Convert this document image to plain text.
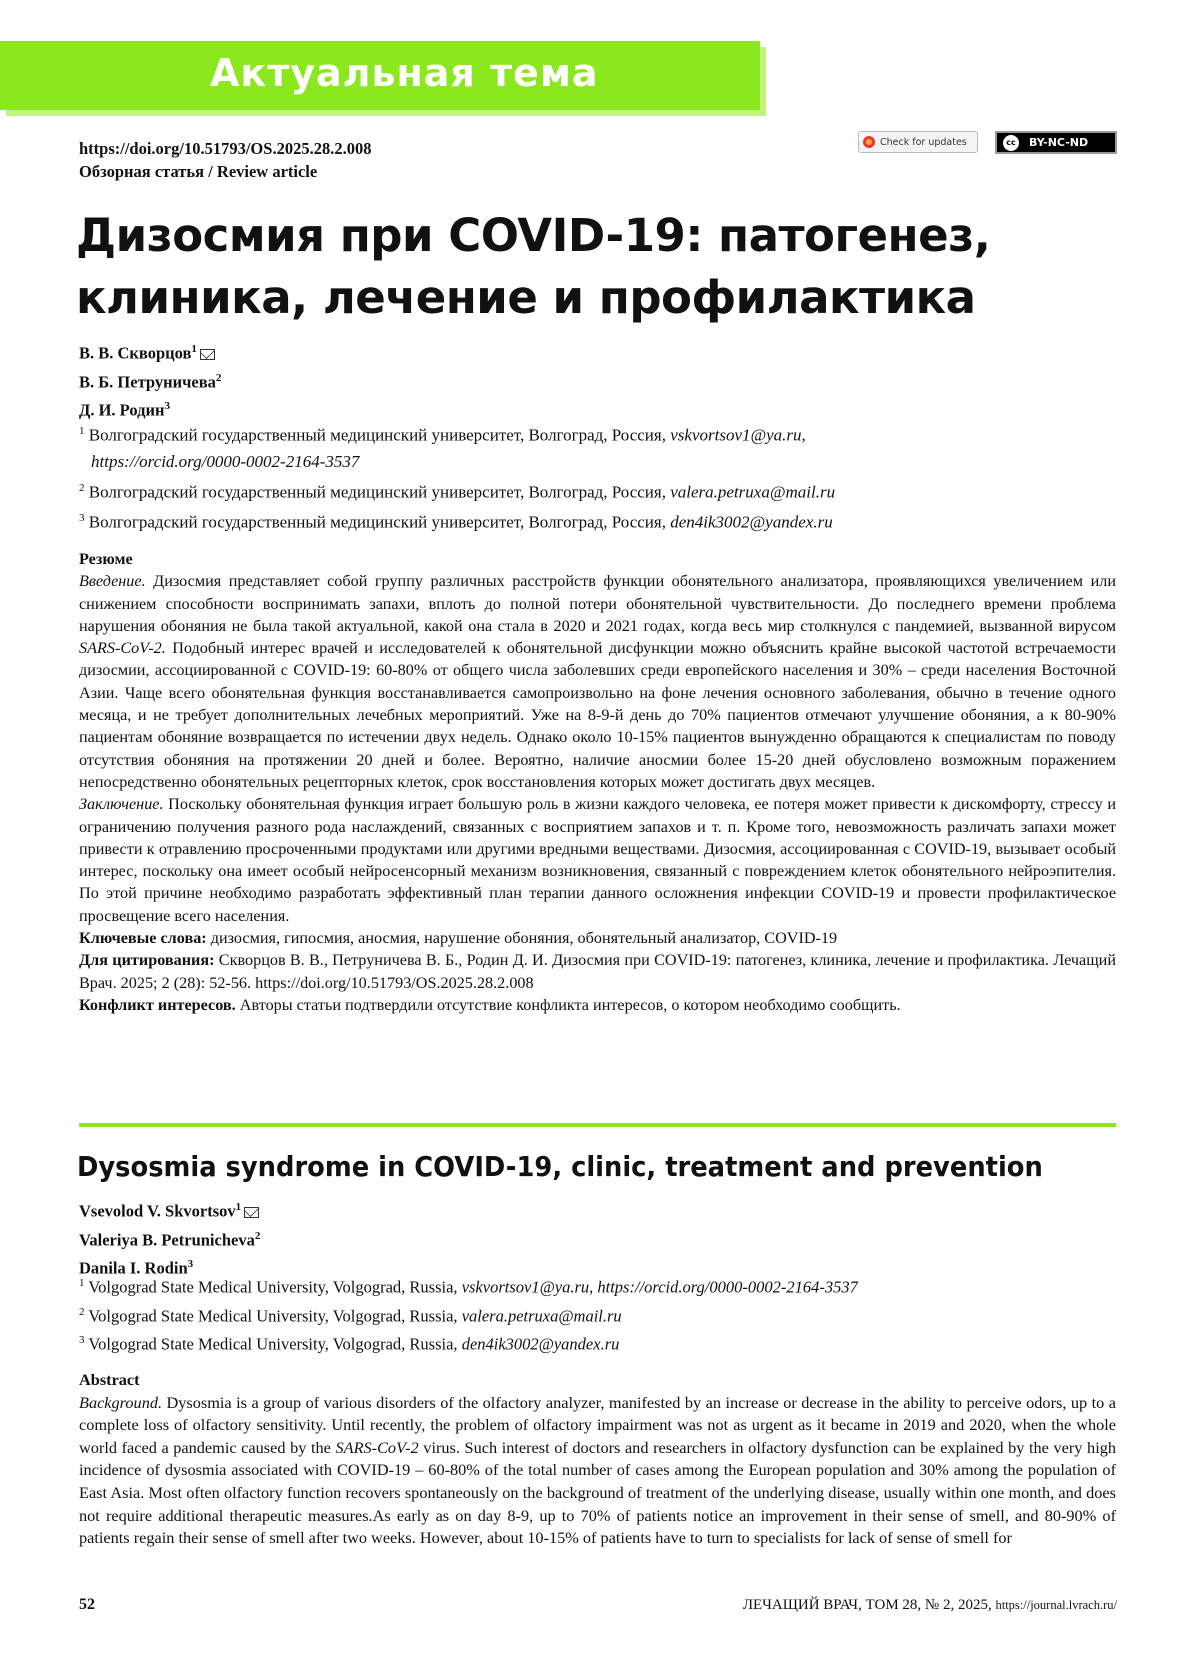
Актуальная тема
https://doi.org/10.51793/OS.2025.28.2.008
Обзорная статья / Review article
Check for updates	cc BY-NC-ND
Дизосмия при COVID-19: патогенез,
клиника, лечение и профилактика
В. В. Скворцов$^1$
В. Б. Петруничева$^2$
Д. И. Родин$^3$
$^1$ Волгоградский государственный медицинский университет, Волгоград, Россия, vskvortsov1@ya.ru,
https://orcid.org/0000-0002-2164-3537
$^2$ Волгоградский государственный медицинский университет, Волгоград, Россия, valera.petruxa@mail.ru
$^3$ Волгоградский государственный медицинский университет, Волгоград, Россия, den4ik3002@yandex.ru
Резюме
Введение. Дизосмия представляет собой группу различных расстройств функции обонятельного анализатора, проявляющихся увеличением или снижением способности воспринимать запахи, вплоть до полной потери обонятельной чувствительности. До последнего времени проблема нарушения обоняния не была такой актуальной, какой она стала в 2020 и 2021 годах, когда весь мир столкнулся с пандемией, вызванной вирусом SARS-CoV-2. Подобный интерес врачей и исследователей к обонятельной дисфункции можно объяснить крайне высокой частотой встречаемости дизосмии, ассоциированной с COVID-19: 60-80% от общего числа заболевших среди европейского населения и 30% – среди населения Восточной Азии. Чаще всего обонятельная функция восстанавливается самопроизвольно на фоне лечения основного заболевания, обычно в течение одного месяца, и не требует дополнительных лечебных мероприятий. Уже на 8-9-й день до 70% пациентов отмечают улучшение обоняния, а к 80-90% пациентам обоняние возвращается по истечении двух недель. Однако около 10-15% пациентов вынужденно обращаются к специалистам по поводу отсутствия обоняния на протяжении 20 дней и более. Вероятно, наличие аносмии более 15-20 дней обусловлено возможным поражением непосредственно обонятельных рецепторных клеток, срок восстановления которых может достигать двух месяцев.
Заключение. Поскольку обонятельная функция играет большую роль в жизни каждого человека, ее потеря может привести к дискомфорту, стрессу и ограничению получения разного рода наслаждений, связанных с восприятием запахов и т. п. Кроме того, невозможность различать запахи может привести к отравлению просроченными продуктами или другими вредными веществами. Дизосмия, ассоциированная с COVID-19, вызывает особый интерес, поскольку она имеет особый нейросенсорный механизм возникновения, связанный с повреждением клеток обонятельного нейроэпителия. По этой причине необходимо разработать эффективный план терапии данного осложнения инфекции COVID-19 и провести профилактическое просвещение всего населения.
Ключевые слова: дизосмия, гипосмия, аносмия, нарушение обоняния, обонятельный анализатор, COVID-19
Для цитирования: Скворцов В. В., Петруничева В. Б., Родин Д. И. Дизосмия при COVID-19: патогенез, клиника, лечение и профилактика. Лечащий Врач. 2025; 2 (28): 52-56. https://doi.org/10.51793/OS.2025.28.2.008
Конфликт интересов. Авторы статьи подтвердили отсутствие конфликта интересов, о котором необходимо сообщить.
Dysosmia syndrome in COVID-19, clinic, treatment and prevention
Vsevolod V. Skvortsov$^1$
Valeriya B. Petrunicheva$^2$
Danila I. Rodin$^3$
$^1$ Volgograd State Medical University, Volgograd, Russia, vskvortsov1@ya.ru, https://orcid.org/0000-0002-2164-3537
$^2$ Volgograd State Medical University, Volgograd, Russia, valera.petruxa@mail.ru
$^3$ Volgograd State Medical University, Volgograd, Russia, den4ik3002@yandex.ru
Abstract
Background. Dysosmia is a group of various disorders of the olfactory analyzer, manifested by an increase or decrease in the ability to perceive odors, up to a complete loss of olfactory sensitivity. Until recently, the problem of olfactory impairment was not as urgent as it became in 2019 and 2020, when the whole world faced a pandemic caused by the SARS-CoV-2 virus. Such interest of doctors and researchers in olfactory dysfunction can be explained by the very high incidence of dysosmia associated with COVID-19 – 60-80% of the total number of cases among the European population and 30% among the population of East Asia. Most often olfactory function recovers spontaneously on the background of treatment of the underlying disease, usually within one month, and does not require additional therapeutic measures.As early as on day 8-9, up to 70% of patients notice an improvement in their sense of smell, and 80-90% of patients regain their sense of smell after two weeks. However, about 10-15% of patients have to turn to specialists for lack of sense of smell for
52	ЛЕЧАЩИЙ ВРАЧ, ТОМ 28, № 2, 2025, https://journal.lvrach.ru/
